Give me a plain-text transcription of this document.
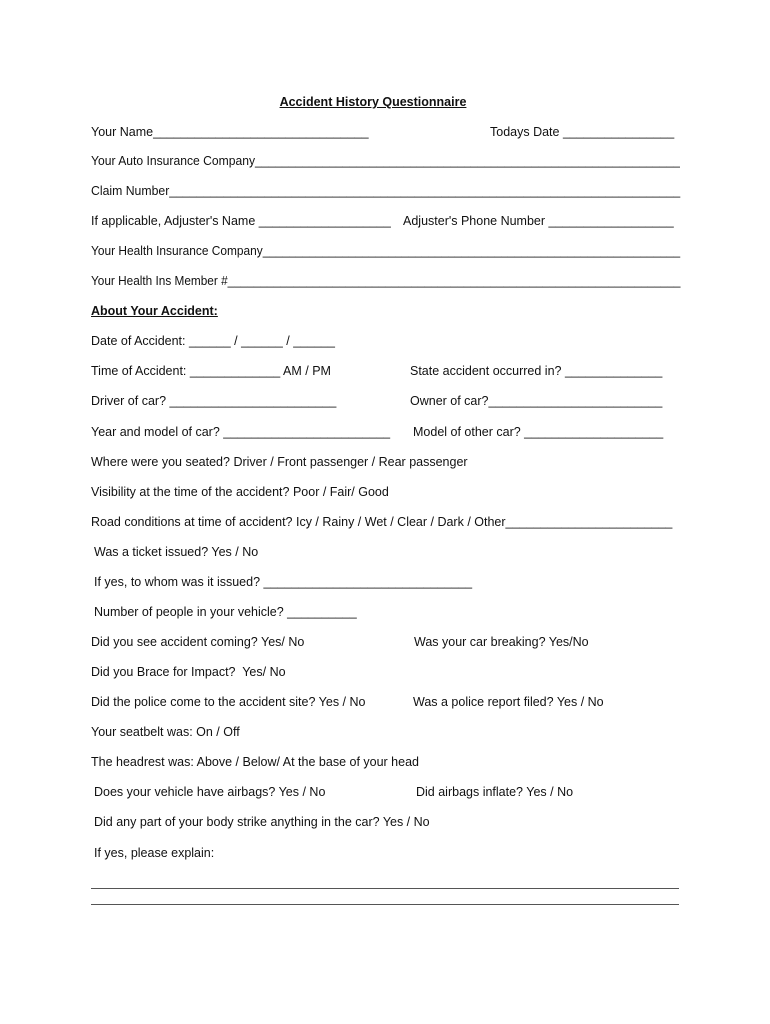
Accident History Questionnaire
Your Name_______________________________	Todays Date ________________
Your Auto Insurance Company_______________________________________________________________
Claim Number___________________________________________________________________________
If applicable, Adjuster's Name ___________________ Adjuster's Phone Number __________________
Your Health Insurance Company_______________________________________________________________
Your Health Ins Member #_____________________________________________________________________
About Your Accident:
Date of Accident: ______ / ______ / ______
Time of Accident: _____________ AM / PM	State accident occurred in? ______________
Driver of car? ________________________	Owner of car?_________________________
Year and model of car? ________________________ Model of other car? ____________________
Where were you seated? Driver / Front passenger / Rear passenger
Visibility at the time of the accident? Poor / Fair/ Good
Road conditions at time of accident? Icy / Rainy / Wet / Clear / Dark / Other________________________
Was a ticket issued? Yes / No
If yes, to whom was it issued? ______________________________
Number of people in your vehicle? __________
Did you see accident coming? Yes/ No	Was your car breaking? Yes/No
Did you Brace for Impact?  Yes/ No
Did the police come to the accident site? Yes / No	Was a police report filed? Yes / No
Your seatbelt was: On / Off
The headrest was: Above / Below/ At the base of your head
Does your vehicle have airbags? Yes / No	Did airbags inflate? Yes / No
Did any part of your body strike anything in the car? Yes / No
If yes, please explain:
